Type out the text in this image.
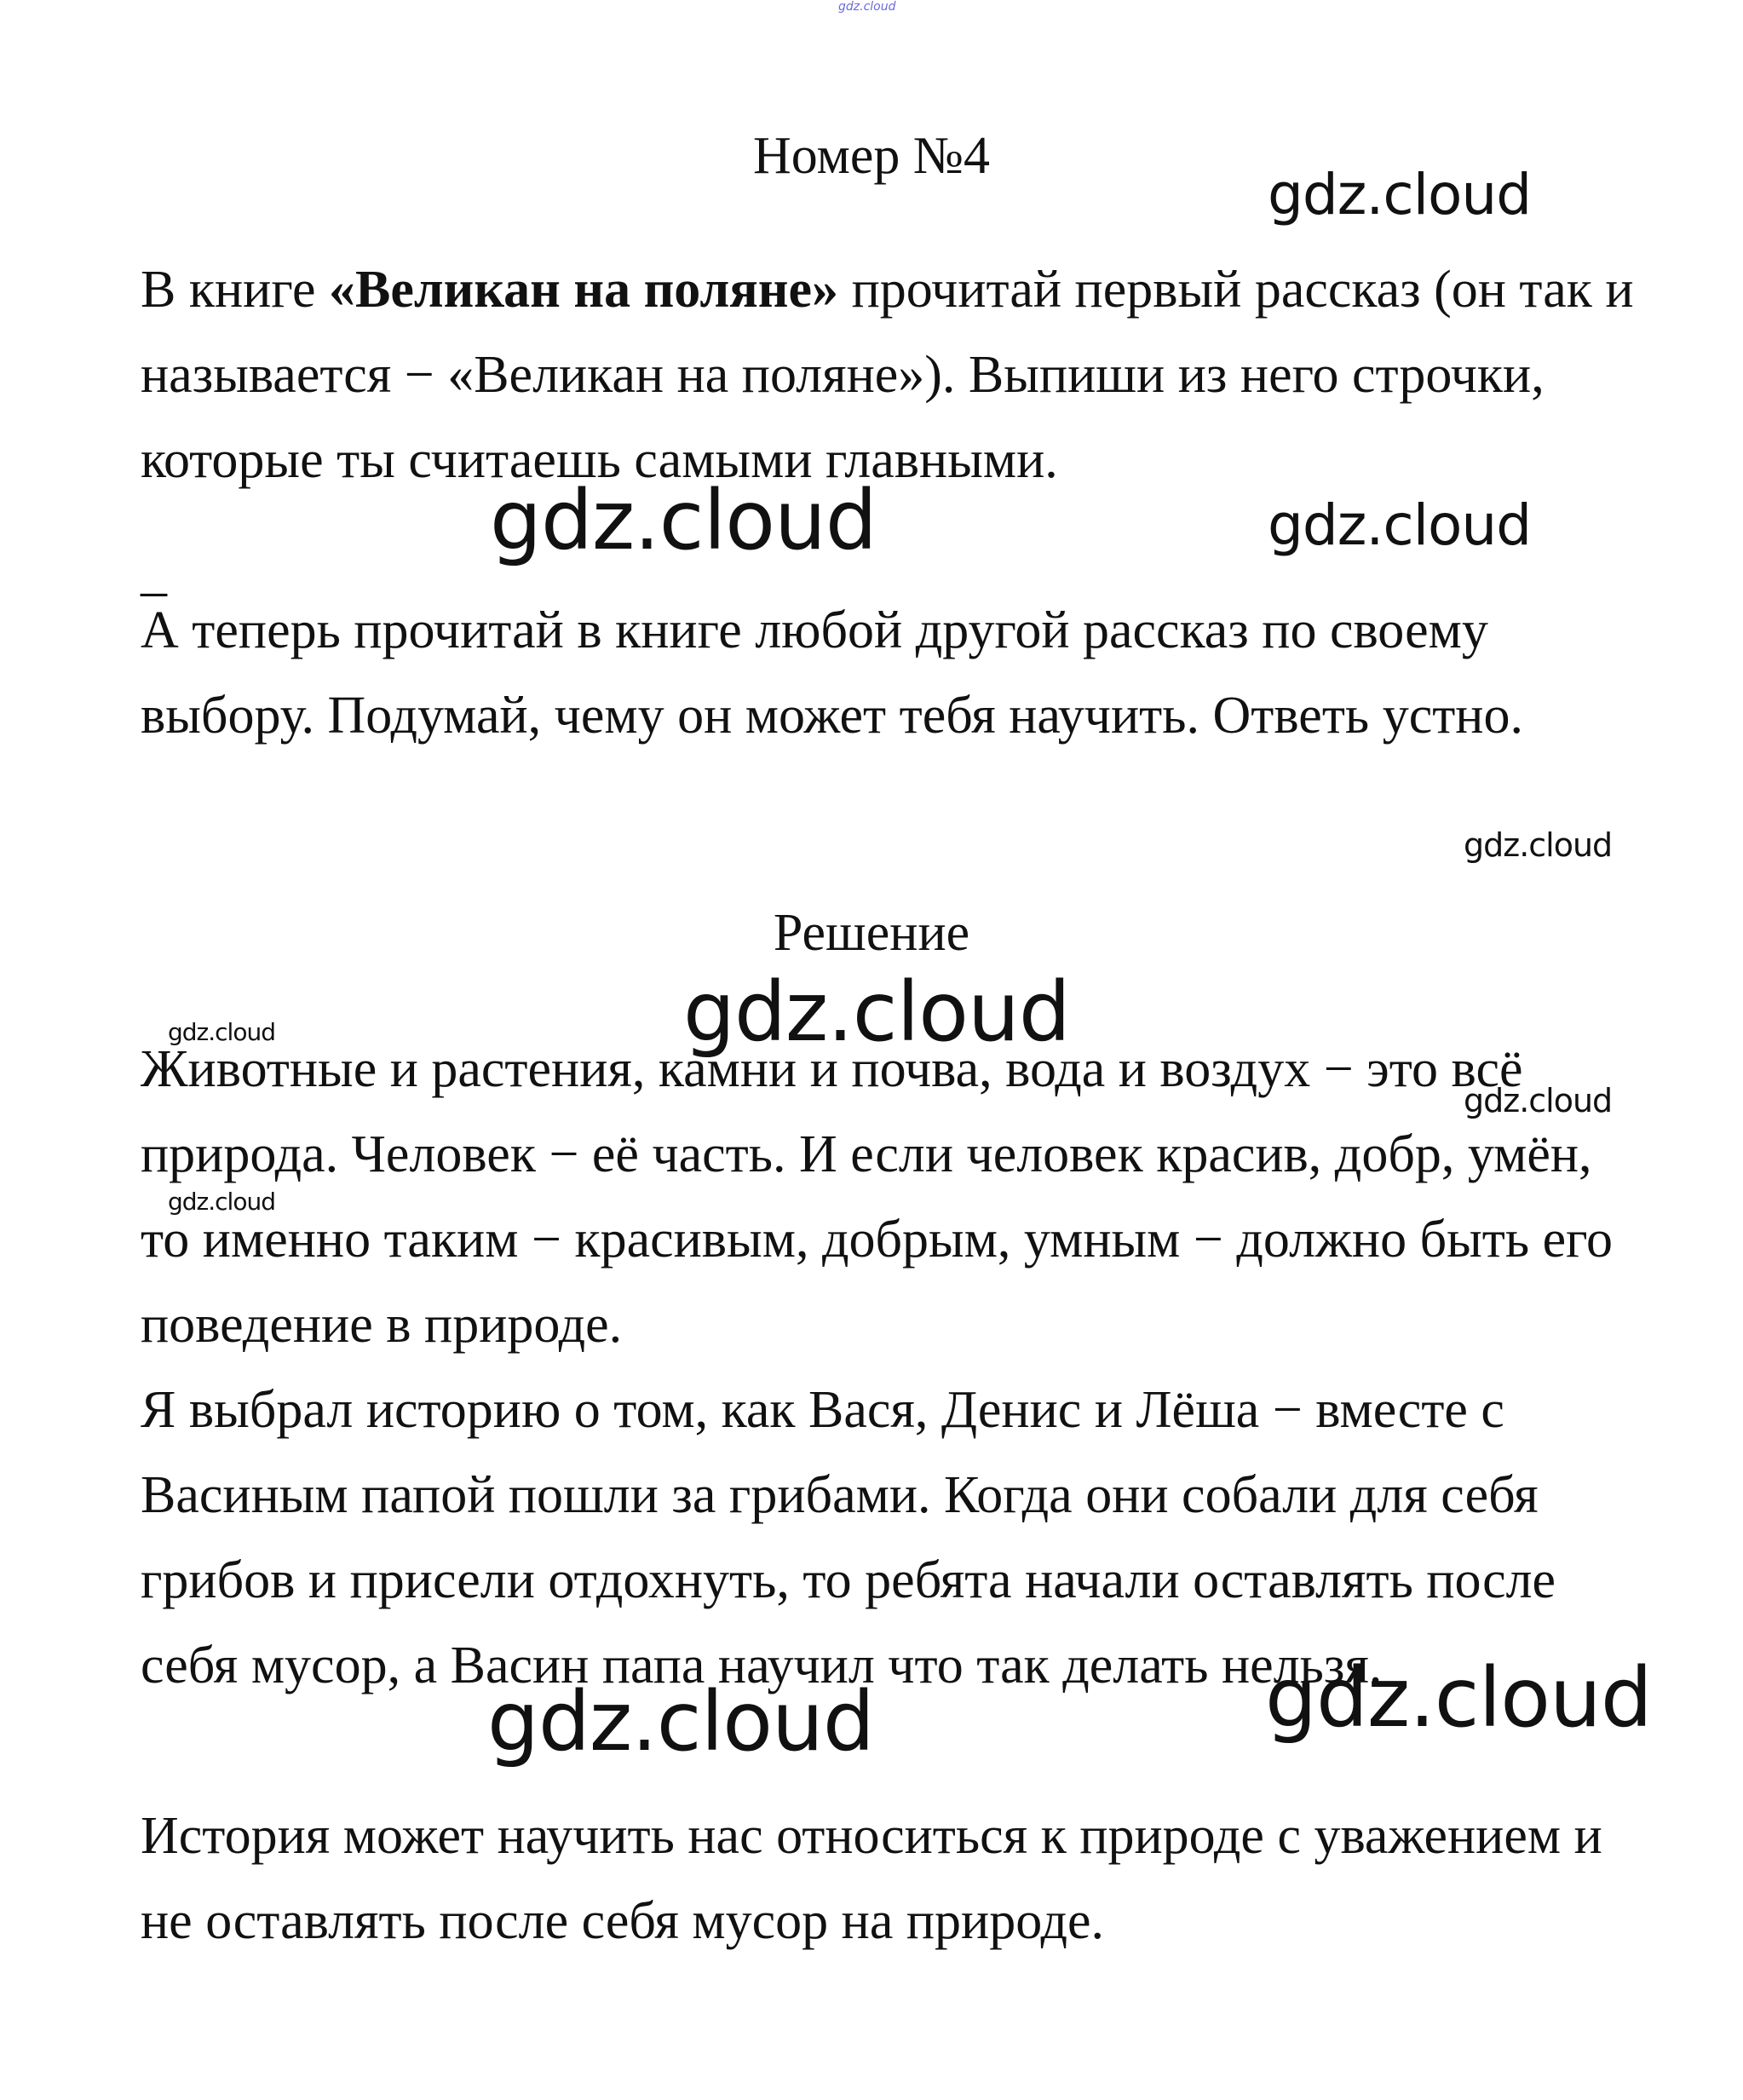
gdz.cloud
Номер №4

В книге «Великан на поляне» прочитай первый рассказ (он так и называется − «Великан на поляне»). Выпиши из него строчки, которые ты считаешь самыми главными.

_

А теперь прочитай в книге любой другой рассказ по своему выбору. Подумай, чему он может тебя научить. Ответь устно.

Решение

Животные и растения, камни и почва, вода и воздух − это всё природа. Человек − её часть. И если человек красив, добр, умён, то именно таким − красивым, добрым, умным − должно быть его поведение в природе.

Я выбрал историю о том, как Вася, Денис и Лёша − вместе с Васиным папой пошли за грибами. Когда они собали для себя грибов и присели отдохнуть, то ребята начали оставлять после себя мусор, а Васин папа научил что так делать нельзя.

История может научить нас относиться к природе с уважением и не оставлять после себя мусор на природе.

gdz.cloud
gdz.cloud	gdz.cloud
gdz.cloud
gdz.cloud
gdz.cloud
gdz.cloud
gdz.cloud
gdz.cloud	gdz.cloud
